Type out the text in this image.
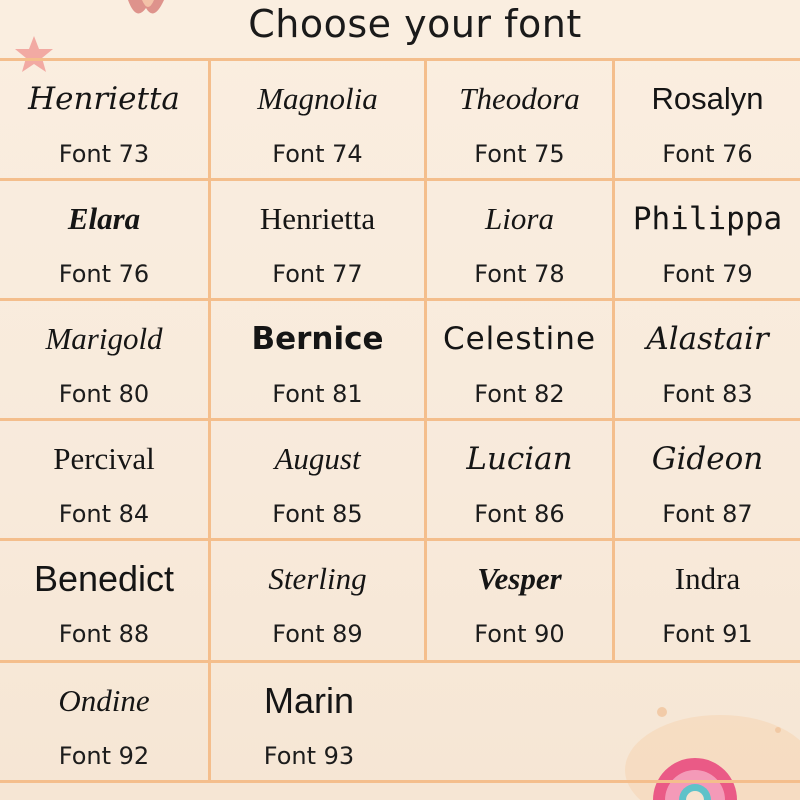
Choose your font
Henrietta
Font 73
Magnolia
Font 74
Theodora
Font 75
Rosalyn
Font 76
Elara
Font 76
Henrietta
Font 77
Liora
Font 78
Philippa
Font 79
Marigold
Font 80
Bernice
Font 81
Celestine
Font 82
Alastair
Font 83
Percival
Font 84
August
Font 85
Lucian
Font 86
Gideon
Font 87
Benedict
Font 88
Sterling
Font 89
Vesper
Font 90
Indra
Font 91
Ondine
Font 92
Marin
Font 93
